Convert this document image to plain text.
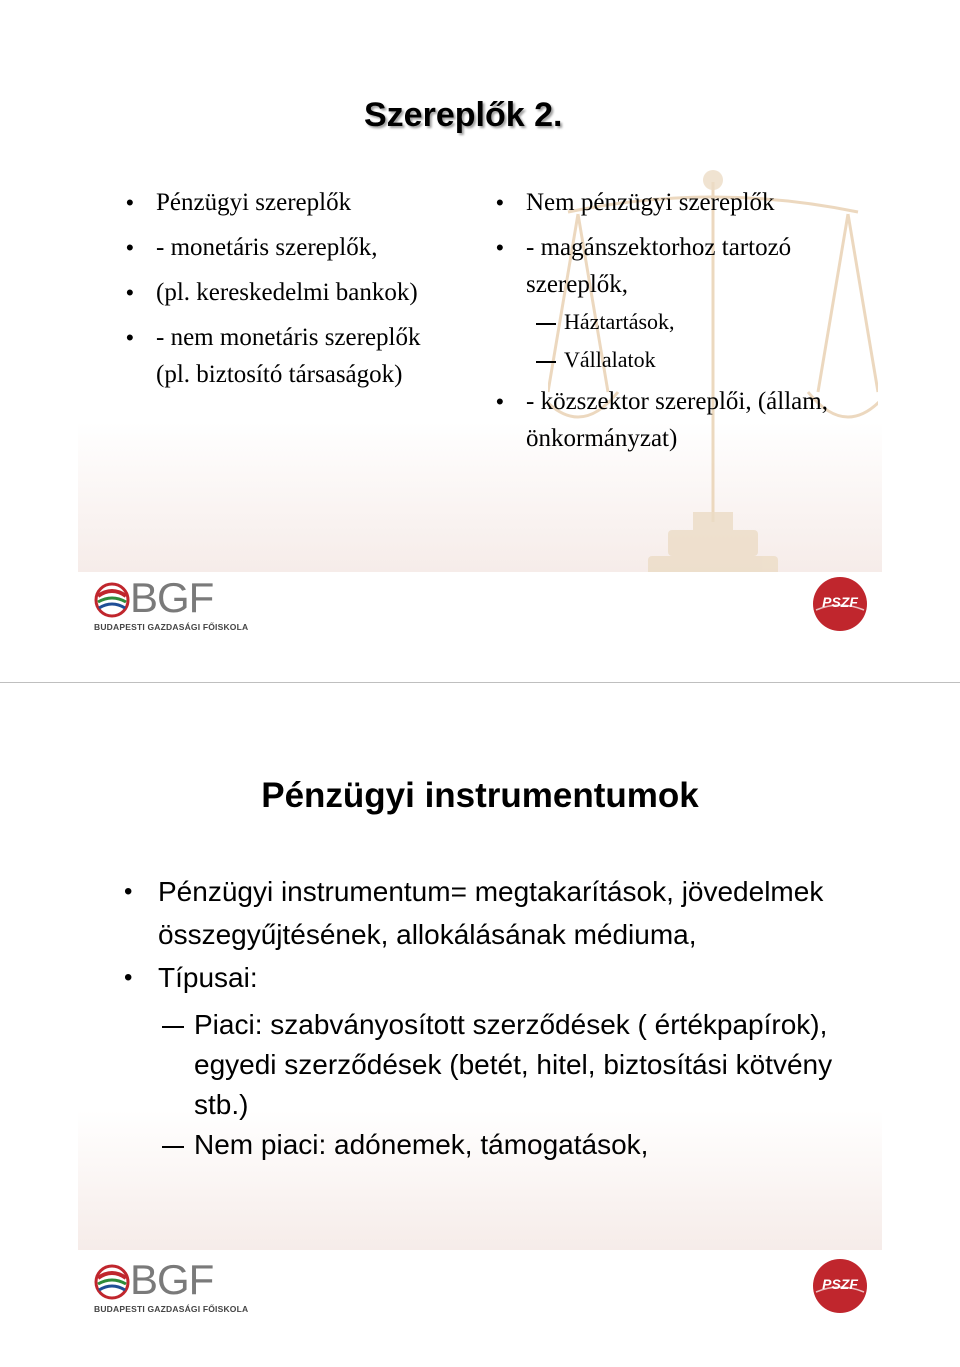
Szereplők 2.
• Pénzügyi szereplők
• - monetáris szereplők,
• (pl. kereskedelmi bankok)
• - nem monetáris szereplők (pl. biztosító társaságok)
• Nem pénzügyi szereplők
• - magánszektorhoz tartozó szereplők,
Háztartások,
Vállalatok
• - közszektor szereplői, (állam, önkormányzat)
BGF
BUDAPESTI GAZDASÁGI FŐISKOLA
PSZF
Pénzügyi instrumentumok
• Pénzügyi instrumentum= megtakarítások, jövedelmek összegyűjtésének, allokálásának médiuma,
• Típusai:
Piaci: szabványosított szerződések ( értékpapírok), egyedi szerződések (betét, hitel, biztosítási kötvény stb.)
Nem piaci: adónemek, támogatások,
BGF
BUDAPESTI GAZDASÁGI FŐISKOLA
PSZF
